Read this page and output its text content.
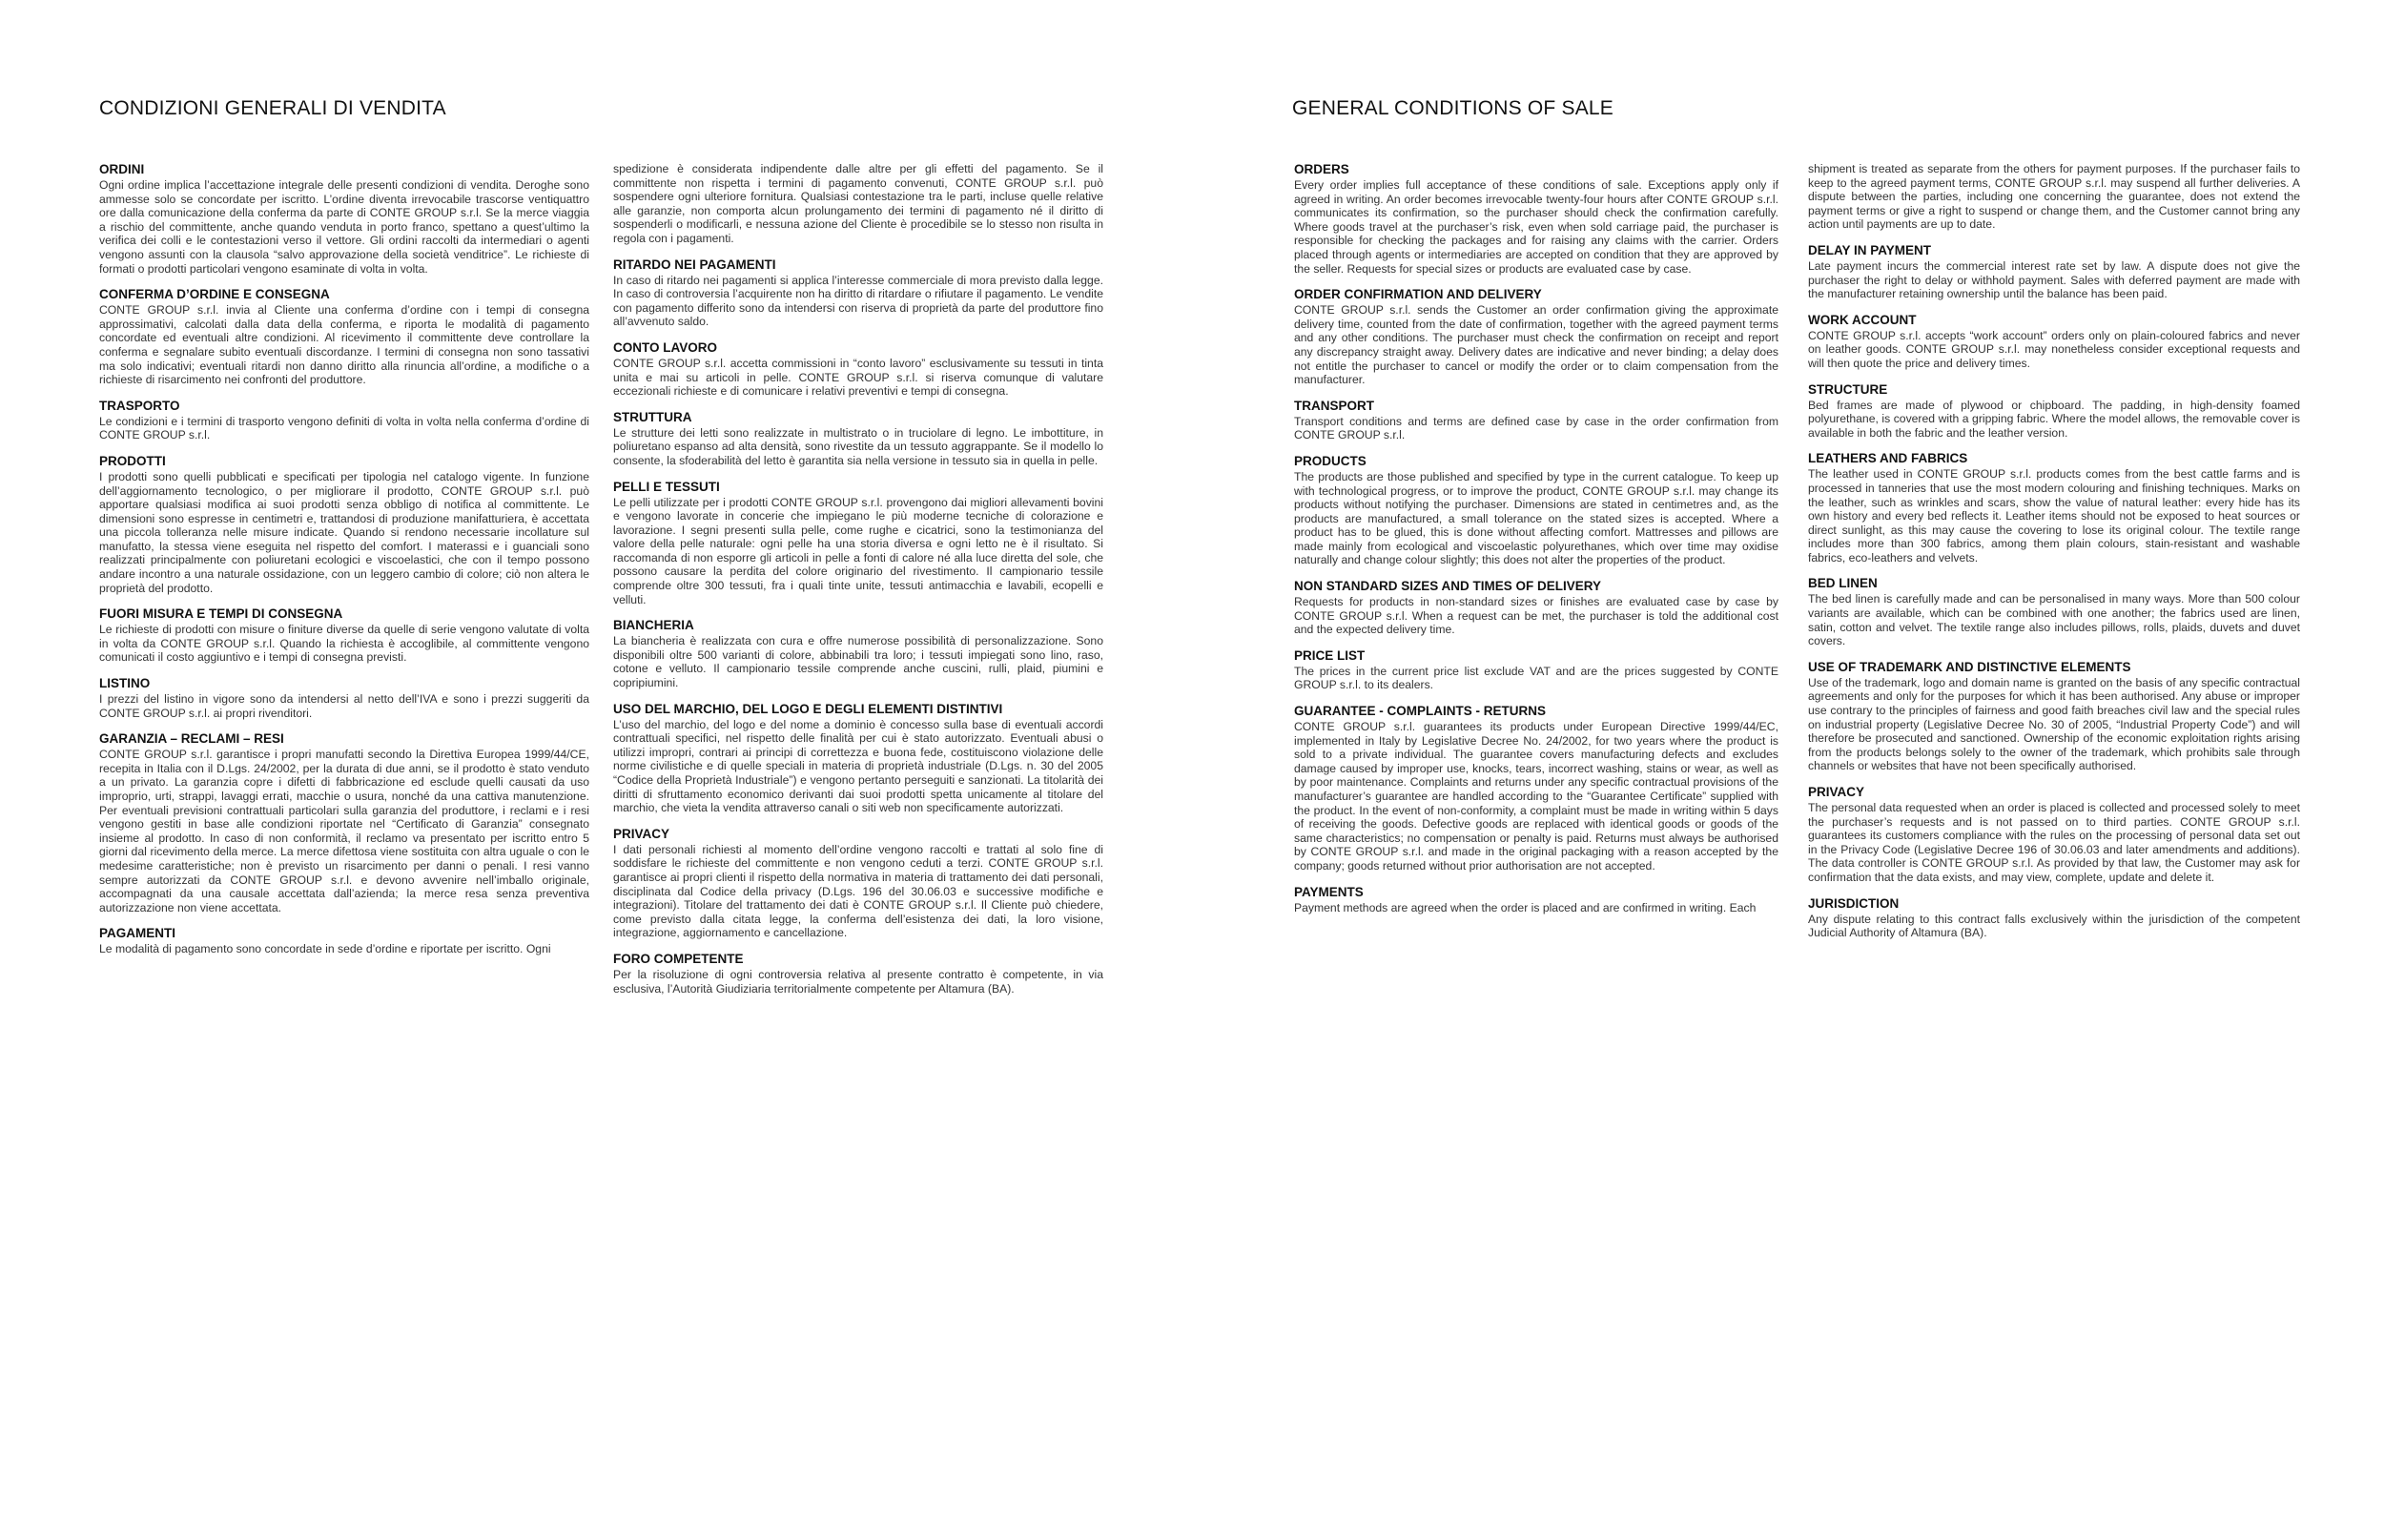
CONDIZIONI GENERALI DI VENDITA
ORDINI

Ogni ordine implica l’accettazione integrale delle presenti condizioni di vendita. Deroghe sono ammesse solo se concordate per iscritto. L’ordine diventa irrevocabile trascorse ventiquattro ore dalla comunicazione della conferma da parte di CONTE GROUP s.r.l. Se la merce viaggia a rischio del committente, anche quando venduta in porto franco, spettano a quest’ultimo la verifica dei colli e le contestazioni verso il vettore. Gli ordini raccolti da intermediari o agenti vengono assunti con la clausola “salvo approvazione della società venditrice”. Le richieste di formati o prodotti particolari vengono esaminate di volta in volta.

CONFERMA D’ORDINE E CONSEGNA

CONTE GROUP s.r.l. invia al Cliente una conferma d’ordine con i tempi di consegna approssimativi, calcolati dalla data della conferma, e riporta le modalità di pagamento concordate ed eventuali altre condizioni. Al ricevimento il committente deve controllare la conferma e segnalare subito eventuali discordanze. I termini di consegna non sono tassativi ma solo indicativi; eventuali ritardi non danno diritto alla rinuncia all’ordine, a modifiche o a richieste di risarcimento nei confronti del produttore.

TRASPORTO

Le condizioni e i termini di trasporto vengono definiti di volta in volta nella conferma d’ordine di CONTE GROUP s.r.l.

PRODOTTI

I prodotti sono quelli pubblicati e specificati per tipologia nel catalogo vigente. In funzione dell’aggiornamento tecnologico, o per migliorare il prodotto, CONTE GROUP s.r.l. può apportare qualsiasi modifica ai suoi prodotti senza obbligo di notifica al committente. Le dimensioni sono espresse in centimetri e, trattandosi di produzione manifatturiera, è accettata una piccola tolleranza nelle misure indicate. Quando si rendono necessarie incollature sul manufatto, la stessa viene eseguita nel rispetto del comfort. I materassi e i guanciali sono realizzati principalmente con poliuretani ecologici e viscoelastici, che con il tempo possono andare incontro a una naturale ossidazione, con un leggero cambio di colore; ciò non altera le proprietà del prodotto.

FUORI MISURA E TEMPI DI CONSEGNA

Le richieste di prodotti con misure o finiture diverse da quelle di serie vengono valutate di volta in volta da CONTE GROUP s.r.l. Quando la richiesta è accoglibile, al committente vengono comunicati il costo aggiuntivo e i tempi di consegna previsti.

LISTINO

I prezzi del listino in vigore sono da intendersi al netto dell’IVA e sono i prezzi suggeriti da CONTE GROUP s.r.l. ai propri rivenditori.

GARANZIA – RECLAMI – RESI

CONTE GROUP s.r.l. garantisce i propri manufatti secondo la Direttiva Europea 1999/44/CE, recepita in Italia con il D.Lgs. 24/2002, per la durata di due anni, se il prodotto è stato venduto a un privato. La garanzia copre i difetti di fabbricazione ed esclude quelli causati da uso improprio, urti, strappi, lavaggi errati, macchie o usura, nonché da una cattiva manutenzione. Per eventuali previsioni contrattuali particolari sulla garanzia del produttore, i reclami e i resi vengono gestiti in base alle condizioni riportate nel “Certificato di Garanzia” consegnato insieme al prodotto. In caso di non conformità, il reclamo va presentato per iscritto entro 5 giorni dal ricevimento della merce. La merce difettosa viene sostituita con altra uguale o con le medesime caratteristiche; non è previsto un risarcimento per danni o penali. I resi vanno sempre autorizzati da CONTE GROUP s.r.l. e devono avvenire nell’imballo originale, accompagnati da una causale accettata dall’azienda; la merce resa senza preventiva autorizzazione non viene accettata.

PAGAMENTI

Le modalità di pagamento sono concordate in sede d’ordine e riportate per iscritto. Ogni

spedizione è considerata indipendente dalle altre per gli effetti del pagamento. Se il committente non rispetta i termini di pagamento convenuti, CONTE GROUP s.r.l. può sospendere ogni ulteriore fornitura. Qualsiasi contestazione tra le parti, incluse quelle relative alle garanzie, non comporta alcun prolungamento dei termini di pagamento né il diritto di sospenderli o modificarli, e nessuna azione del Cliente è procedibile se lo stesso non risulta in regola con i pagamenti.

RITARDO NEI PAGAMENTI

In caso di ritardo nei pagamenti si applica l’interesse commerciale di mora previsto dalla legge. In caso di controversia l’acquirente non ha diritto di ritardare o rifiutare il pagamento. Le vendite con pagamento differito sono da intendersi con riserva di proprietà da parte del produttore fino all’avvenuto saldo.

CONTO LAVORO

CONTE GROUP s.r.l. accetta commissioni in “conto lavoro” esclusivamente su tessuti in tinta unita e mai su articoli in pelle. CONTE GROUP s.r.l. si riserva comunque di valutare eccezionali richieste e di comunicare i relativi preventivi e tempi di consegna.

STRUTTURA

Le strutture dei letti sono realizzate in multistrato o in truciolare di legno. Le imbottiture, in poliuretano espanso ad alta densità, sono rivestite da un tessuto aggrappante. Se il modello lo consente, la sfoderabilità del letto è garantita sia nella versione in tessuto sia in quella in pelle.

PELLI E TESSUTI

Le pelli utilizzate per i prodotti CONTE GROUP s.r.l. provengono dai migliori allevamenti bovini e vengono lavorate in concerie che impiegano le più moderne tecniche di colorazione e lavorazione. I segni presenti sulla pelle, come rughe e cicatrici, sono la testimonianza del valore della pelle naturale: ogni pelle ha una storia diversa e ogni letto ne è il risultato. Si raccomanda di non esporre gli articoli in pelle a fonti di calore né alla luce diretta del sole, che possono causare la perdita del colore originario del rivestimento. Il campionario tessile comprende oltre 300 tessuti, fra i quali tinte unite, tessuti antimacchia e lavabili, ecopelli e velluti.

BIANCHERIA

La biancheria è realizzata con cura e offre numerose possibilità di personalizzazione. Sono disponibili oltre 500 varianti di colore, abbinabili tra loro; i tessuti impiegati sono lino, raso, cotone e velluto. Il campionario tessile comprende anche cuscini, rulli, plaid, piumini e copripiumini.

USO DEL MARCHIO, DEL LOGO E DEGLI ELEMENTI DISTINTIVI

L’uso del marchio, del logo e del nome a dominio è concesso sulla base di eventuali accordi contrattuali specifici, nel rispetto delle finalità per cui è stato autorizzato. Eventuali abusi o utilizzi impropri, contrari ai principi di correttezza e buona fede, costituiscono violazione delle norme civilistiche e di quelle speciali in materia di proprietà industriale (D.Lgs. n. 30 del 2005 “Codice della Proprietà Industriale”) e vengono pertanto perseguiti e sanzionati. La titolarità dei diritti di sfruttamento economico derivanti dai suoi prodotti spetta unicamente al titolare del marchio, che vieta la vendita attraverso canali o siti web non specificamente autorizzati.

PRIVACY

I dati personali richiesti al momento dell’ordine vengono raccolti e trattati al solo fine di soddisfare le richieste del committente e non vengono ceduti a terzi. CONTE GROUP s.r.l. garantisce ai propri clienti il rispetto della normativa in materia di trattamento dei dati personali, disciplinata dal Codice della privacy (D.Lgs. 196 del 30.06.03 e successive modifiche e integrazioni). Titolare del trattamento dei dati è CONTE GROUP s.r.l. Il Cliente può chiedere, come previsto dalla citata legge, la conferma dell’esistenza dei dati, la loro visione, integrazione, aggiornamento e cancellazione.

FORO COMPETENTE

Per la risoluzione di ogni controversia relativa al presente contratto è competente, in via esclusiva, l’Autorità Giudiziaria territorialmente competente per Altamura (BA).

GENERAL CONDITIONS OF SALE
ORDERS

Every order implies full acceptance of these conditions of sale. Exceptions apply only if agreed in writing. An order becomes irrevocable twenty-four hours after CONTE GROUP s.r.l. communicates its confirmation, so the purchaser should check the confirmation carefully. Where goods travel at the purchaser’s risk, even when sold carriage paid, the purchaser is responsible for checking the packages and for raising any claims with the carrier. Orders placed through agents or intermediaries are accepted on condition that they are approved by the seller. Requests for special sizes or products are evaluated case by case.

ORDER CONFIRMATION AND DELIVERY

CONTE GROUP s.r.l. sends the Customer an order confirmation giving the approximate delivery time, counted from the date of confirmation, together with the agreed payment terms and any other conditions. The purchaser must check the confirmation on receipt and report any discrepancy straight away. Delivery dates are indicative and never binding; a delay does not entitle the purchaser to cancel or modify the order or to claim compensation from the manufacturer.

TRANSPORT

Transport conditions and terms are defined case by case in the order confirmation from CONTE GROUP s.r.l.

PRODUCTS

The products are those published and specified by type in the current catalogue. To keep up with technological progress, or to improve the product, CONTE GROUP s.r.l. may change its products without notifying the purchaser. Dimensions are stated in centimetres and, as the products are manufactured, a small tolerance on the stated sizes is accepted. Where a product has to be glued, this is done without affecting comfort. Mattresses and pillows are made mainly from ecological and viscoelastic polyurethanes, which over time may oxidise naturally and change colour slightly; this does not alter the properties of the product.

NON STANDARD SIZES AND TIMES OF DELIVERY

Requests for products in non-standard sizes or finishes are evaluated case by case by CONTE GROUP s.r.l. When a request can be met, the purchaser is told the additional cost and the expected delivery time.

PRICE LIST

The prices in the current price list exclude VAT and are the prices suggested by CONTE GROUP s.r.l. to its dealers.

GUARANTEE - COMPLAINTS - RETURNS

CONTE GROUP s.r.l. guarantees its products under European Directive 1999/44/EC, implemented in Italy by Legislative Decree No. 24/2002, for two years where the product is sold to a private individual. The guarantee covers manufacturing defects and excludes damage caused by improper use, knocks, tears, incorrect washing, stains or wear, as well as by poor maintenance. Complaints and returns under any specific contractual provisions of the manufacturer’s guarantee are handled according to the “Guarantee Certificate” supplied with the product. In the event of non-conformity, a complaint must be made in writing within 5 days of receiving the goods. Defective goods are replaced with identical goods or goods of the same characteristics; no compensation or penalty is paid. Returns must always be authorised by CONTE GROUP s.r.l. and made in the original packaging with a reason accepted by the company; goods returned without prior authorisation are not accepted.

PAYMENTS

Payment methods are agreed when the order is placed and are confirmed in writing. Each

shipment is treated as separate from the others for payment purposes. If the purchaser fails to keep to the agreed payment terms, CONTE GROUP s.r.l. may suspend all further deliveries. A dispute between the parties, including one concerning the guarantee, does not extend the payment terms or give a right to suspend or change them, and the Customer cannot bring any action until payments are up to date.

DELAY IN PAYMENT

Late payment incurs the commercial interest rate set by law. A dispute does not give the purchaser the right to delay or withhold payment. Sales with deferred payment are made with the manufacturer retaining ownership until the balance has been paid.

WORK ACCOUNT

CONTE GROUP s.r.l. accepts “work account” orders only on plain-coloured fabrics and never on leather goods. CONTE GROUP s.r.l. may nonetheless consider exceptional requests and will then quote the price and delivery times.

STRUCTURE

Bed frames are made of plywood or chipboard. The padding, in high-density foamed polyurethane, is covered with a gripping fabric. Where the model allows, the removable cover is available in both the fabric and the leather version.

LEATHERS AND FABRICS

The leather used in CONTE GROUP s.r.l. products comes from the best cattle farms and is processed in tanneries that use the most modern colouring and finishing techniques. Marks on the leather, such as wrinkles and scars, show the value of natural leather: every hide has its own history and every bed reflects it. Leather items should not be exposed to heat sources or direct sunlight, as this may cause the covering to lose its original colour. The textile range includes more than 300 fabrics, among them plain colours, stain-resistant and washable fabrics, eco-leathers and velvets.

BED LINEN

The bed linen is carefully made and can be personalised in many ways. More than 500 colour variants are available, which can be combined with one another; the fabrics used are linen, satin, cotton and velvet. The textile range also includes pillows, rolls, plaids, duvets and duvet covers.

USE OF TRADEMARK AND DISTINCTIVE ELEMENTS

Use of the trademark, logo and domain name is granted on the basis of any specific contractual agreements and only for the purposes for which it has been authorised. Any abuse or improper use contrary to the principles of fairness and good faith breaches civil law and the special rules on industrial property (Legislative Decree No. 30 of 2005, “Industrial Property Code”) and will therefore be prosecuted and sanctioned. Ownership of the economic exploitation rights arising from the products belongs solely to the owner of the trademark, which prohibits sale through channels or websites that have not been specifically authorised.

PRIVACY

The personal data requested when an order is placed is collected and processed solely to meet the purchaser’s requests and is not passed on to third parties. CONTE GROUP s.r.l. guarantees its customers compliance with the rules on the processing of personal data set out in the Privacy Code (Legislative Decree 196 of 30.06.03 and later amendments and additions). The data controller is CONTE GROUP s.r.l. As provided by that law, the Customer may ask for confirmation that the data exists, and may view, complete, update and delete it.

JURISDICTION

Any dispute relating to this contract falls exclusively within the jurisdiction of the competent Judicial Authority of Altamura (BA).
